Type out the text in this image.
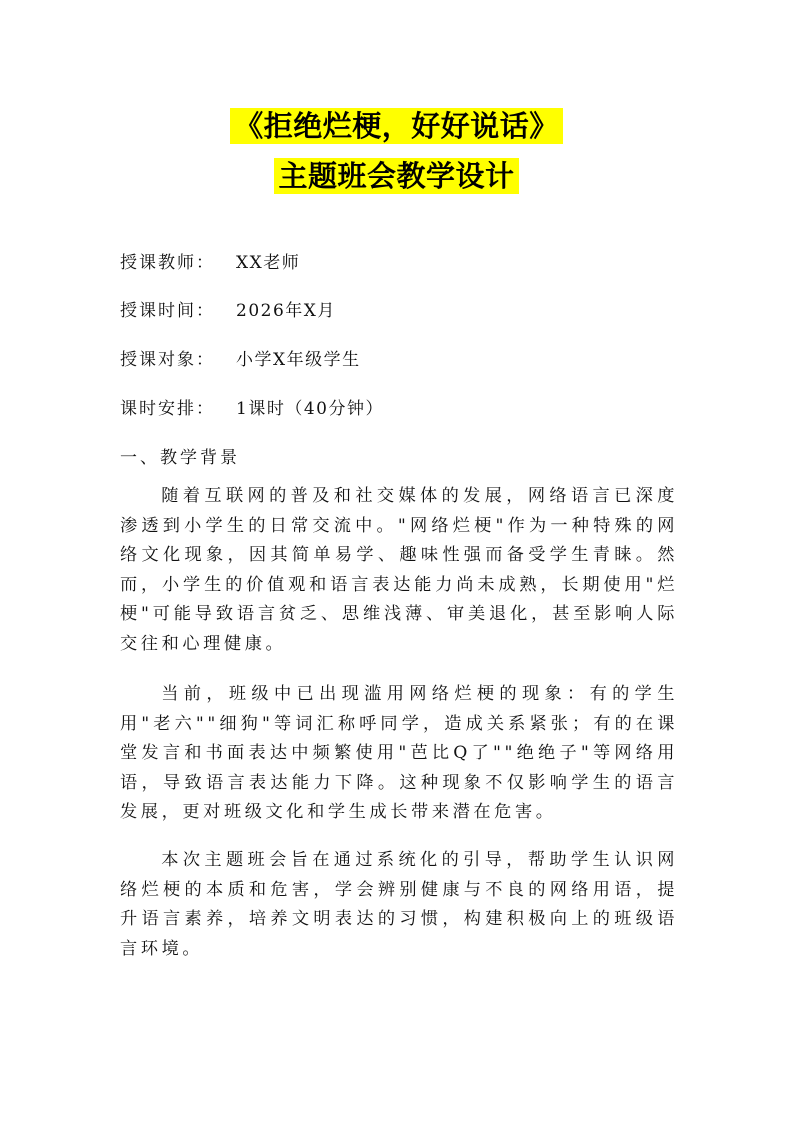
《拒绝烂梗，好好说话》
主题班会教学设计
授课教师： XX老师
授课时间： 2026年X月
授课对象： 小学X年级学生
课时安排： 1课时（40分钟）
一、教学背景

随着互联网的普及和社交媒体的发展，网络语言已深度渗透到小学生的日常交流中。"网络烂梗"作为一种特殊的网络文化现象，因其简单易学、趣味性强而备受学生青睐。然而，小学生的价值观和语言表达能力尚未成熟，长期使用"烂梗"可能导致语言贫乏、思维浅薄、审美退化，甚至影响人际交往和心理健康。

当前，班级中已出现滥用网络烂梗的现象：有的学生用"老六""细狗"等词汇称呼同学，造成关系紧张；有的在课堂发言和书面表达中频繁使用"芭比Q了""绝绝子"等网络用语，导致语言表达能力下降。这种现象不仅影响学生的语言发展，更对班级文化和学生成长带来潜在危害。

本次主题班会旨在通过系统化的引导，帮助学生认识网络烂梗的本质和危害，学会辨别健康与不良的网络用语，提升语言素养，培养文明表达的习惯，构建积极向上的班级语言环境。
